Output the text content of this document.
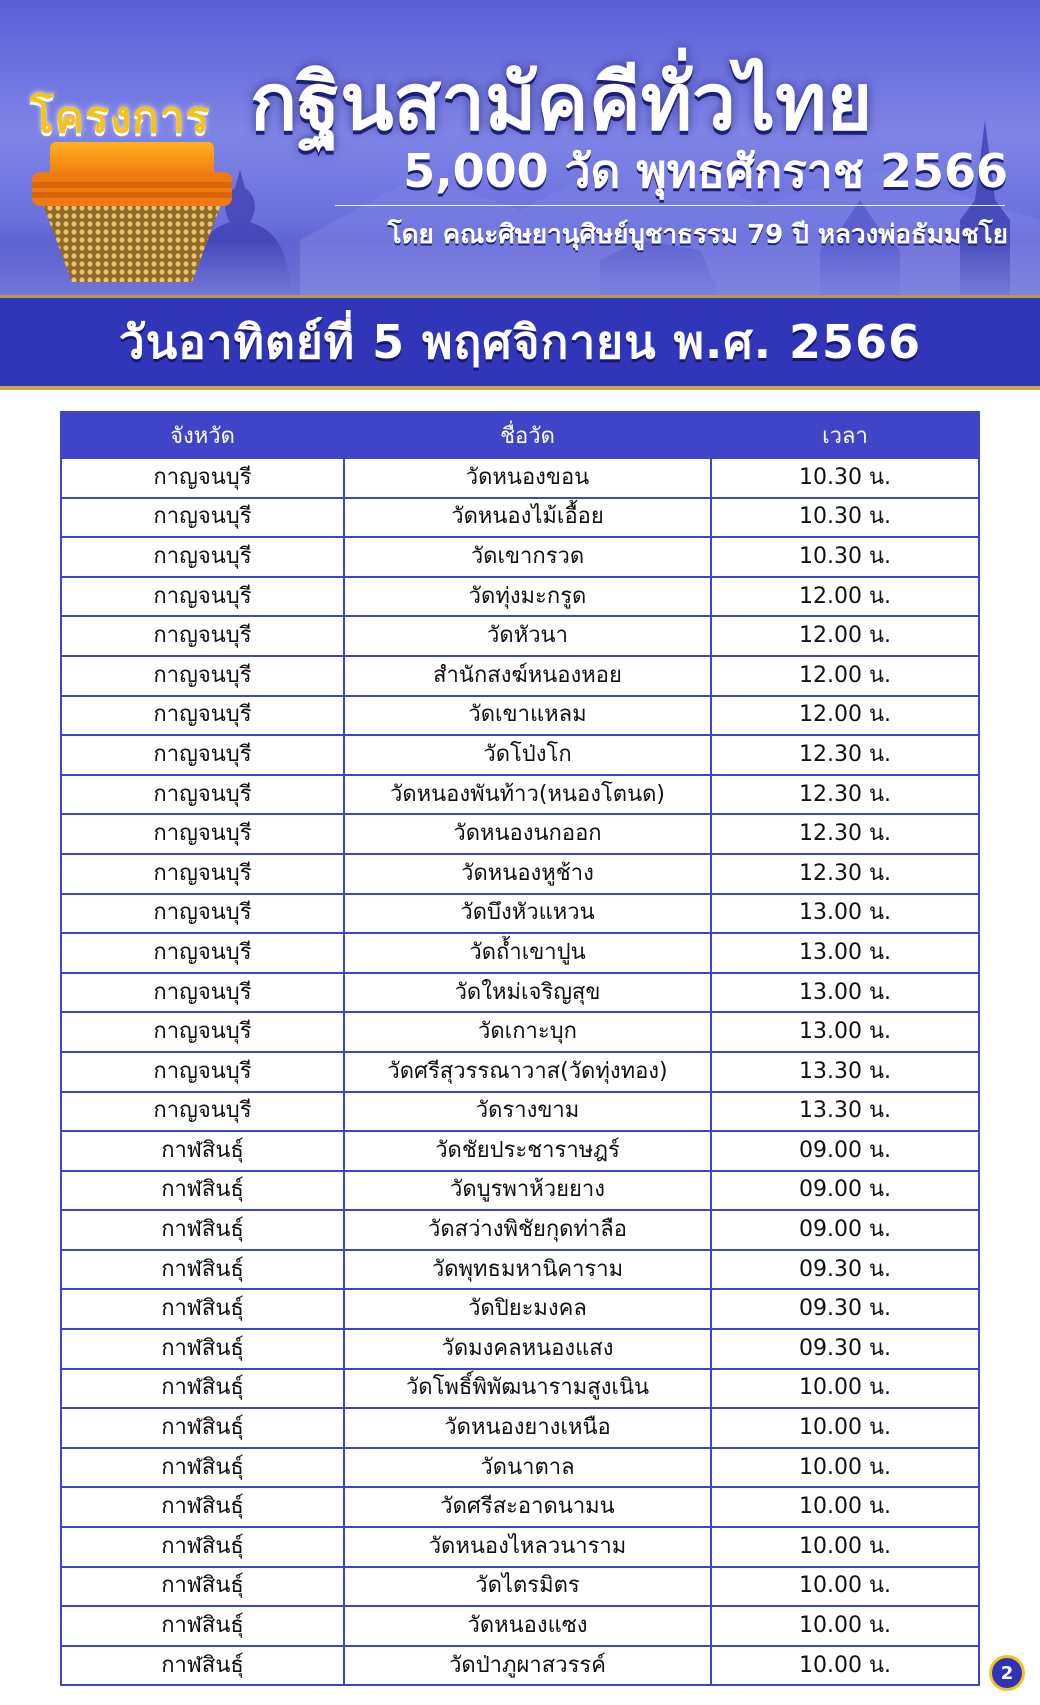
โครงการ กฐินสามัคคีทั่วไทย
5,000 วัด พุทธศักราช 2566
โดย คณะศิษยานุศิษย์บูชาธรรม 79 ปี หลวงพ่อธัมมชโย
วันอาทิตย์ที่ 5 พฤศจิกายน พ.ศ. 2566
จังหวัด	ชื่อวัด	เวลา
กาญจนบุรี	วัดหนองขอน	10.30 น.
กาญจนบุรี	วัดหนองไม้เอื้อย	10.30 น.
กาญจนบุรี	วัดเขากรวด	10.30 น.
กาญจนบุรี	วัดทุ่งมะกรูด	12.00 น.
กาญจนบุรี	วัดหัวนา	12.00 น.
กาญจนบุรี	สำนักสงฆ์หนองหอย	12.00 น.
กาญจนบุรี	วัดเขาแหลม	12.00 น.
กาญจนบุรี	วัดโป่งโก	12.30 น.
กาญจนบุรี	วัดหนองพันท้าว(หนองโตนด)	12.30 น.
กาญจนบุรี	วัดหนองนกออก	12.30 น.
กาญจนบุรี	วัดหนองหูช้าง	12.30 น.
กาญจนบุรี	วัดบึงหัวแหวน	13.00 น.
กาญจนบุรี	วัดถ้ำเขาปูน	13.00 น.
กาญจนบุรี	วัดใหม่เจริญสุข	13.00 น.
กาญจนบุรี	วัดเกาะบุก	13.00 น.
กาญจนบุรี	วัดศรีสุวรรณาวาส(วัดทุ่งทอง)	13.30 น.
กาญจนบุรี	วัดรางขาม	13.30 น.
กาฬสินธุ์	วัดชัยประชาราษฎร์	09.00 น.
กาฬสินธุ์	วัดบูรพาห้วยยาง	09.00 น.
กาฬสินธุ์	วัดสว่างพิชัยกุดท่าลือ	09.00 น.
กาฬสินธุ์	วัดพุทธมหานิคาราม	09.30 น.
กาฬสินธุ์	วัดปิยะมงคล	09.30 น.
กาฬสินธุ์	วัดมงคลหนองแสง	09.30 น.
กาฬสินธุ์	วัดโพธิ์พิพัฒนารามสูงเนิน	10.00 น.
กาฬสินธุ์	วัดหนองยางเหนือ	10.00 น.
กาฬสินธุ์	วัดนาตาล	10.00 น.
กาฬสินธุ์	วัดศรีสะอาดนามน	10.00 น.
กาฬสินธุ์	วัดหนองไหลวนาราม	10.00 น.
กาฬสินธุ์	วัดไตรมิตร	10.00 น.
กาฬสินธุ์	วัดหนองแซง	10.00 น.
กาฬสินธุ์	วัดป่าภูผาสวรรค์	10.00 น.	2
